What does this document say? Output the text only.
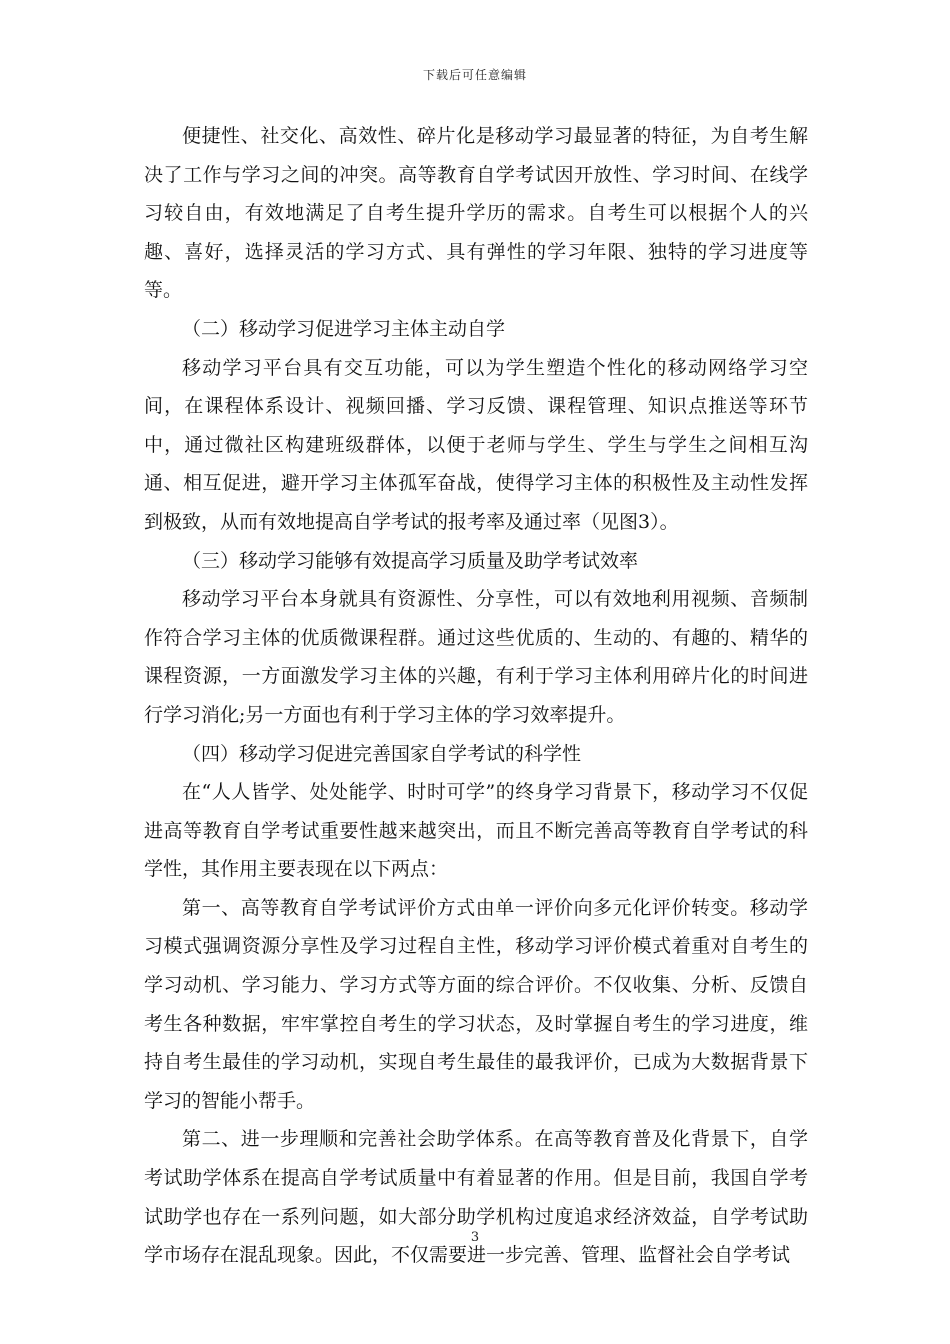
下载后可任意编辑

便捷性、社交化、高效性、碎片化是移动学习最显著的特征，为自考生解决了工作与学习之间的冲突。高等教育自学考试因开放性、学习时间、在线学习较自由，有效地满足了自考生提升学历的需求。自考生可以根据个人的兴趣、喜好，选择灵活的学习方式、具有弹性的学习年限、独特的学习进度等等。

（二）移动学习促进学习主体主动自学

移动学习平台具有交互功能，可以为学生塑造个性化的移动网络学习空间，在课程体系设计、视频回播、学习反馈、课程管理、知识点推送等环节中，通过微社区构建班级群体，以便于老师与学生、学生与学生之间相互沟通、相互促进，避开学习主体孤军奋战，使得学习主体的积极性及主动性发挥到极致，从而有效地提高自学考试的报考率及通过率（见图3）。

（三）移动学习能够有效提高学习质量及助学考试效率

移动学习平台本身就具有资源性、分享性，可以有效地利用视频、音频制作符合学习主体的优质微课程群。通过这些优质的、生动的、有趣的、精华的课程资源，一方面激发学习主体的兴趣，有利于学习主体利用碎片化的时间进行学习消化;另一方面也有利于学习主体的学习效率提升。

（四）移动学习促进完善国家自学考试的科学性

在“人人皆学、处处能学、时时可学”的终身学习背景下，移动学习不仅促进高等教育自学考试重要性越来越突出，而且不断完善高等教育自学考试的科学性，其作用主要表现在以下两点：

第一、高等教育自学考试评价方式由单一评价向多元化评价转变。移动学习模式强调资源分享性及学习过程自主性，移动学习评价模式着重对自考生的学习动机、学习能力、学习方式等方面的综合评价。不仅收集、分析、反馈自考生各种数据，牢牢掌控自考生的学习状态，及时掌握自考生的学习进度，维持自考生最佳的学习动机，实现自考生最佳的最我评价，已成为大数据背景下学习的智能小帮手。

第二、进一步理顺和完善社会助学体系。在高等教育普及化背景下，自学考试助学体系在提高自学考试质量中有着显著的作用。但是目前，我国自学考试助学也存在一系列问题，如大部分助学机构过度追求经济效益，自学考试助学市场存在混乱现象。因此，不仅需要进一步完善、管理、监督社会自学考试

3
